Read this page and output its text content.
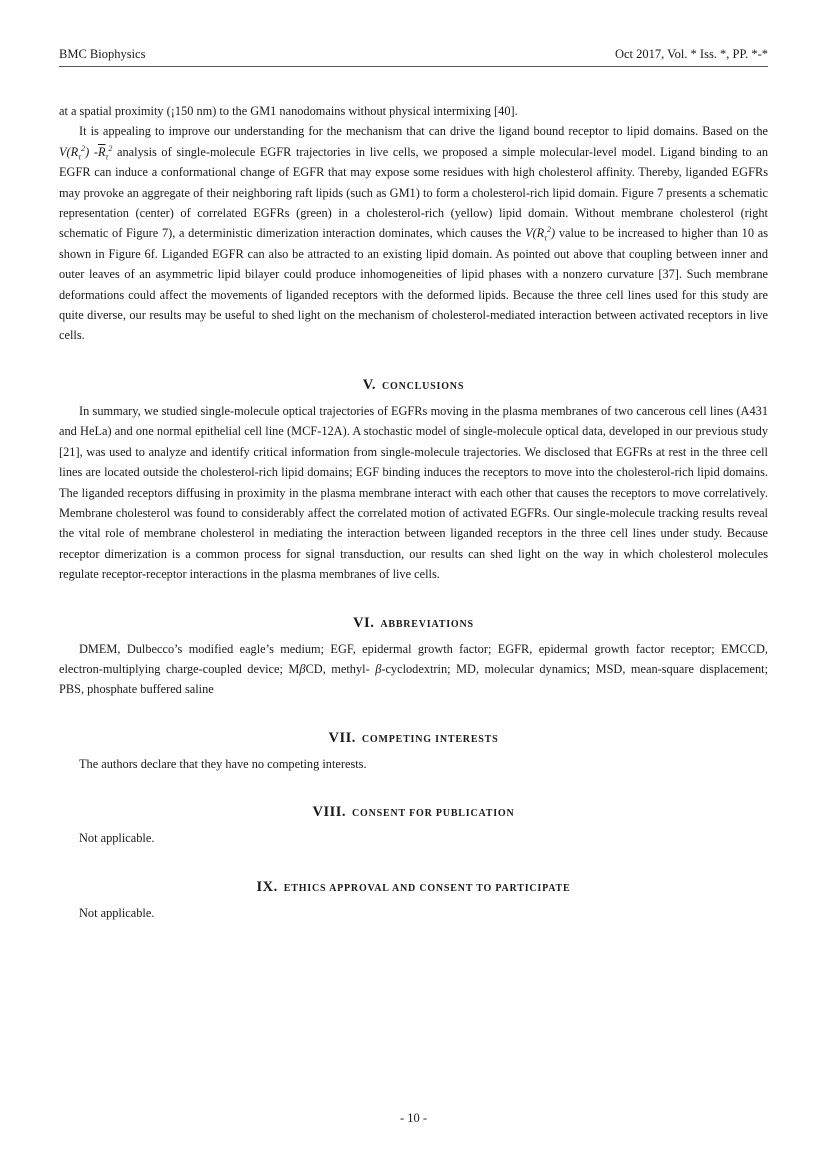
BMC Biophysics	Oct 2017, Vol. * Iss. *, PP. *-*

at a spatial proximity (¡150 nm) to the GM1 nanodomains without physical intermixing [40].

It is appealing to improve our understanding for the mechanism that can drive the ligand bound receptor to lipid domains. Based on the $V(R_\tau^2)$ $-\overline{R}_\tau^2$ analysis of single-molecule EGFR trajectories in live cells, we proposed a simple molecular-level model. Ligand binding to an EGFR can induce a conformational change of EGFR that may expose some residues with high cholesterol affinity. Thereby, liganded EGFRs may provoke an aggregate of their neighboring raft lipids (such as GM1) to form a cholesterol-rich lipid domain. Figure 7 presents a schematic representation (center) of correlated EGFRs (green) in a cholesterol-rich (yellow) lipid domain. Without membrane cholesterol (right schematic of Figure 7), a deterministic dimerization interaction dominates, which causes the $V(R_\tau^2)$ value to be increased to higher than 10 as shown in Figure 6f. Liganded EGFR can also be attracted to an existing lipid domain. As pointed out above that coupling between inner and outer leaves of an asymmetric lipid bilayer could produce inhomogeneities of lipid phases with a nonzero curvature [37]. Such membrane deformations could affect the movements of liganded receptors with the deformed lipids. Because the three cell lines used for this study are quite diverse, our results may be useful to shed light on the mechanism of cholesterol-mediated interaction between activated receptors in live cells.

V. CONCLUSIONS

In summary, we studied single-molecule optical trajectories of EGFRs moving in the plasma membranes of two cancerous cell lines (A431 and HeLa) and one normal epithelial cell line (MCF-12A). A stochastic model of single-molecule optical data, developed in our previous study [21], was used to analyze and identify critical information from single-molecule trajectories. We disclosed that EGFRs at rest in the three cell lines are located outside the cholesterol-rich lipid domains; EGF binding induces the receptors to move into the cholesterol-rich lipid domains. The liganded receptors diffusing in proximity in the plasma membrane interact with each other that causes the receptors to move correlatively. Membrane cholesterol was found to considerably affect the correlated motion of activated EGFRs. Our single-molecule tracking results reveal the vital role of membrane cholesterol in mediating the interaction between liganded receptors in the three cell lines under study. Because receptor dimerization is a common process for signal transduction, our results can shed light on the way in which cholesterol molecules regulate receptor-receptor interactions in the plasma membranes of live cells.

VI. ABBREVIATIONS

DMEM, Dulbecco’s modified eagle’s medium; EGF, epidermal growth factor; EGFR, epidermal growth factor receptor; EMCCD, electron-multiplying charge-coupled device; MβCD, methyl- β-cyclodextrin; MD, molecular dynamics; MSD, mean-square displacement; PBS, phosphate buffered saline

VII. COMPETING INTERESTS

The authors declare that they have no competing interests.

VIII. CONSENT FOR PUBLICATION

Not applicable.

IX. ETHICS APPROVAL AND CONSENT TO PARTICIPATE

Not applicable.

- 10 -
